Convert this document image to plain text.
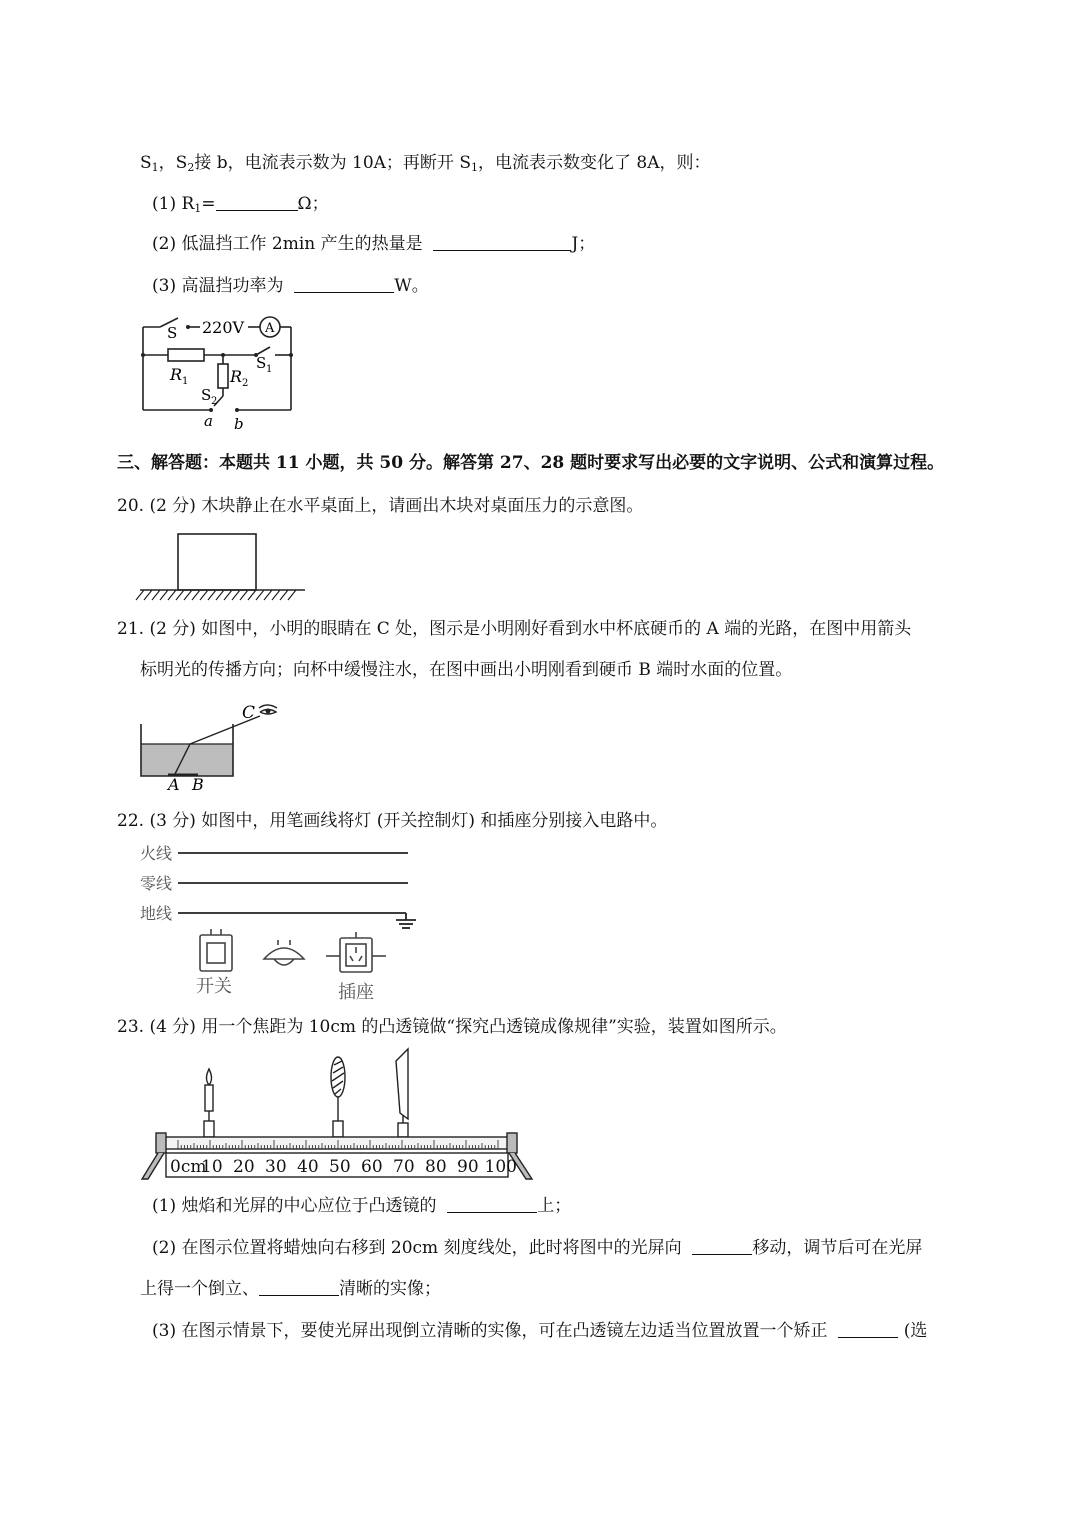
$S_1$，$S_2$接 b，电流表示数为 10A；再断开 $S_1$，电流表示数变化了 8A，则：
(1) $R_1=$	Ω；
(2) 低温挡工作 2min 产生的热量是	J；
(3) 高温挡功率为	W。
S 220V A
R 1	R 2
S 1
S 2
a b
三、解答题：本题共 11 小题，共 50 分。解答第 27、28 题时要求写出必要的文字说明、公式和演算过程。
20. (2 分) 木块静止在水平桌面上，请画出木块对桌面压力的示意图。
21. (2 分) 如图中，小明的眼睛在 C 处，图示是小明刚好看到水中杯底硬币的 A 端的光路，在图中用箭头
标明光的传播方向；向杯中缓慢注水，在图中画出小明刚看到硬币 B 端时水面的位置。
C
A B
22. (3 分) 如图中，用笔画线将灯 (开关控制灯) 和插座分别接入电路中。
火线
零线
地线
开关	插座
23. (4 分) 用一个焦距为 10cm 的凸透镜做“探究凸透镜成像规律”实验，装置如图所示。
0cm
10 20 30 40 50 60 70 80 90 100
(1) 烛焰和光屏的中心应位于凸透镜的	上；
(2) 在图示位置将蜡烛向右移到 20cm 刻度线处，此时将图中的光屏向	移动，调节后可在光屏
上得一个倒立、	清晰的实像；
(3) 在图示情景下，要使光屏出现倒立清晰的实像，可在凸透镜左边适当位置放置一个矫正	(选
